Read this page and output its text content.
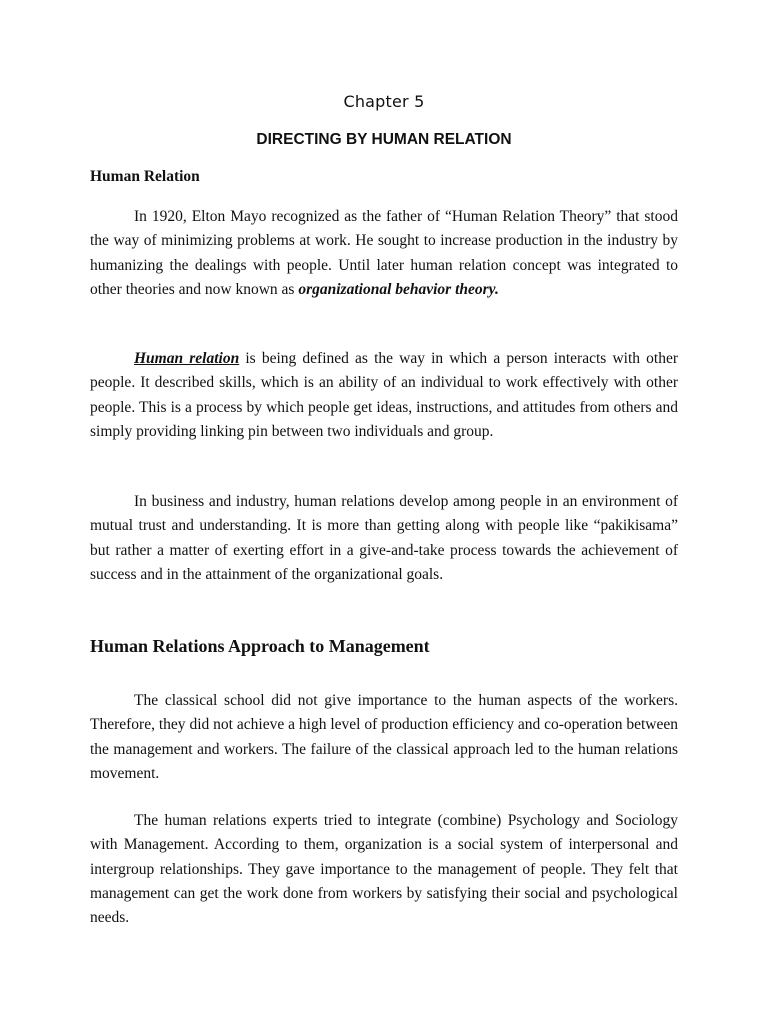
Chapter 5
DIRECTING BY HUMAN RELATION
Human Relation

In 1920, Elton Mayo recognized as the father of “Human Relation Theory” that stood the way of minimizing problems at work. He sought to increase production in the industry by humanizing the dealings with people. Until later human relation concept was integrated to other theories and now known as organizational behavior theory.

Human relation is being defined as the way in which a person interacts with other people. It described skills, which is an ability of an individual to work effectively with other people. This is a process by which people get ideas, instructions, and attitudes from others and simply providing linking pin between two individuals and group.

In business and industry, human relations develop among people in an environment of mutual trust and understanding. It is more than getting along with people like “pakikisama” but rather a matter of exerting effort in a give-and-take process towards the achievement of success and in the attainment of the organizational goals.

Human Relations Approach to Management

The classical school did not give importance to the human aspects of the workers. Therefore, they did not achieve a high level of production efficiency and co-operation between the management and workers. The failure of the classical approach led to the human relations movement.

The human relations experts tried to integrate (combine) Psychology and Sociology with Management. According to them, organization is a social system of interpersonal and intergroup relationships. They gave importance to the management of people. They felt that management can get the work done from workers by satisfying their social and psychological needs.
